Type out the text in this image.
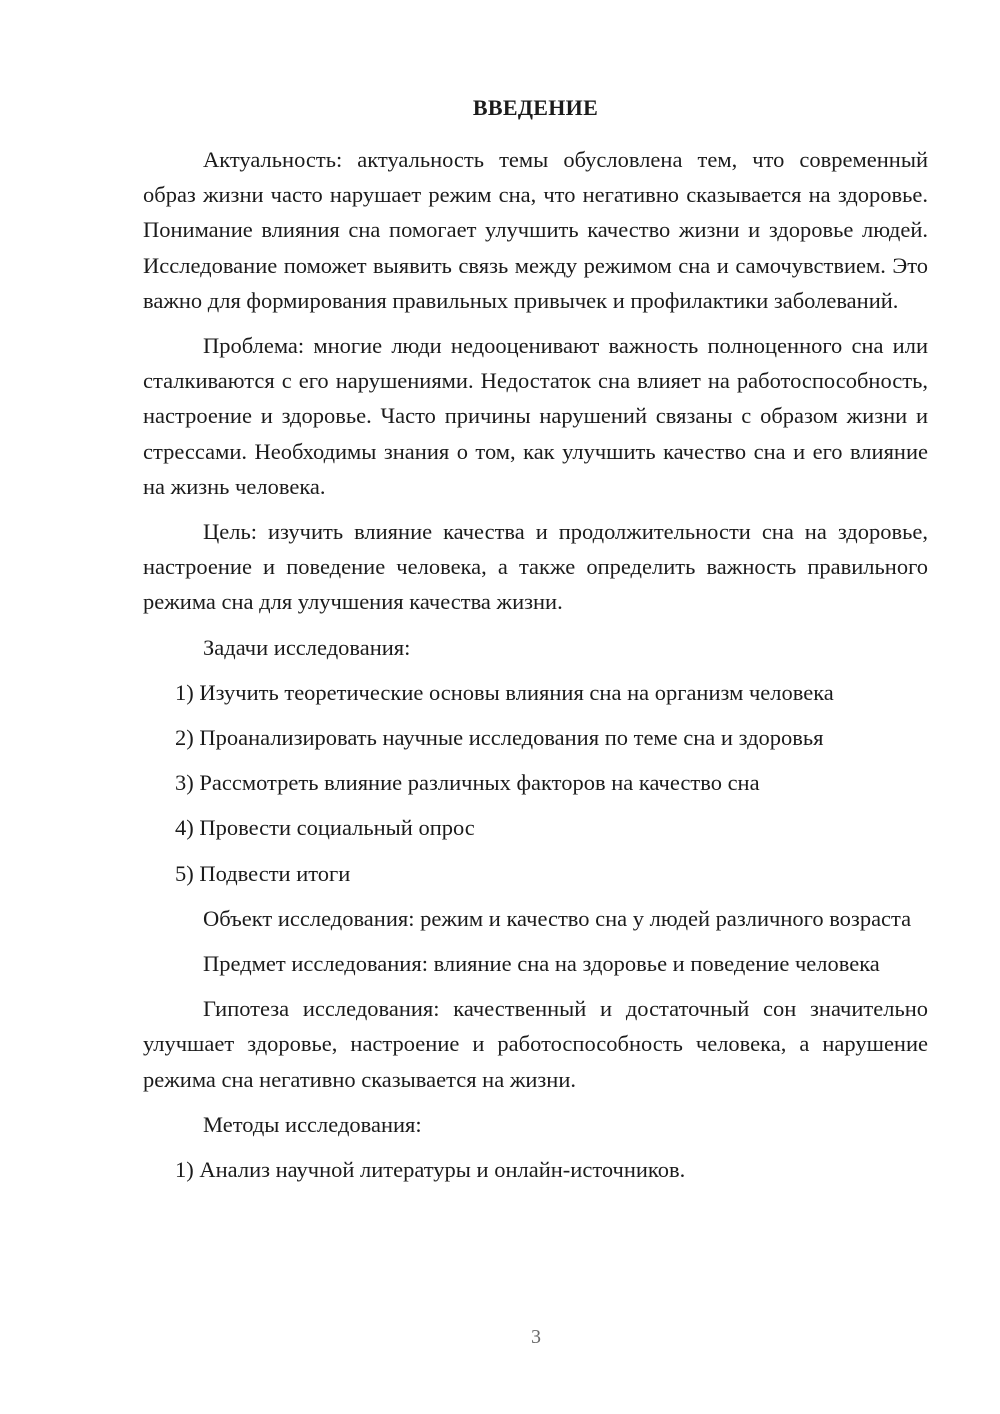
ВВЕДЕНИЕ

Актуальность: актуальность темы обусловлена тем, что современный образ жизни часто нарушает режим сна, что негативно сказывается на здоровье. Понимание влияния сна помогает улучшить качество жизни и здоровье людей. Исследование поможет выявить связь между режимом сна и самочувствием. Это важно для формирования правильных привычек и профилактики заболеваний.

Проблема: многие люди недооценивают важность полноценного сна или сталкиваются с его нарушениями. Недостаток сна влияет на работоспособность, настроение и здоровье. Часто причины нарушений связаны с образом жизни и стрессами. Необходимы знания о том, как улучшить качество сна и его влияние на жизнь человека.

Цель: изучить влияние качества и продолжительности сна на здоровье, настроение и поведение человека, а также определить важность правильного режима сна для улучшения качества жизни.

Задачи исследования:
1) Изучить теоретические основы влияния сна на организм человека
2) Проанализировать научные исследования по теме сна и здоровья
3) Рассмотреть влияние различных факторов на качество сна
4) Провести социальный опрос
5) Подвести итоги

Объект исследования: режим и качество сна у людей различного возраста

Предмет исследования: влияние сна на здоровье и поведение человека

Гипотеза исследования: качественный и достаточный сон значительно улучшает здоровье, настроение и работоспособность человека, а нарушение режима сна негативно сказывается на жизни.

Методы исследования:
1) Анализ научной литературы и онлайн-источников.
3
